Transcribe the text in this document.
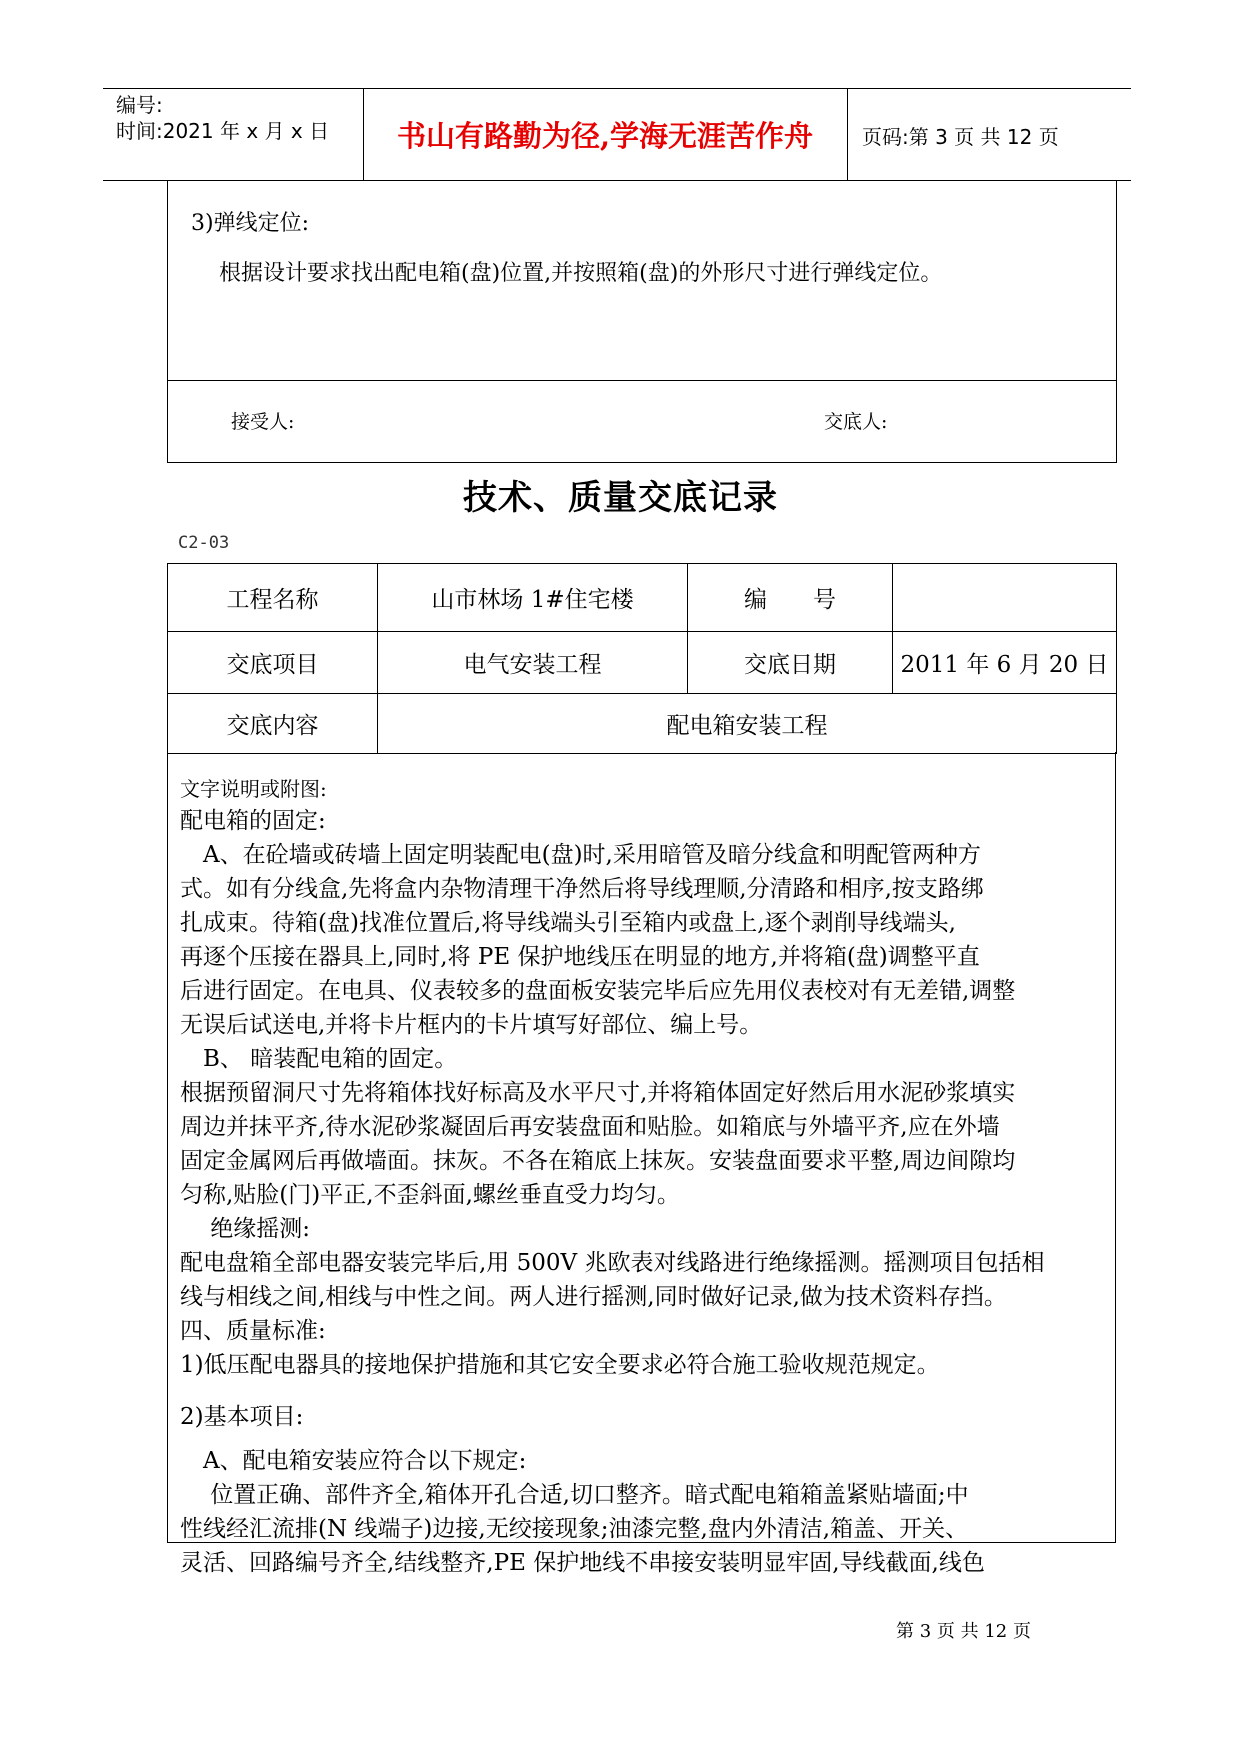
编号:
时间:2021 年 x 月 x 日	书山有路勤为径,学海无涯苦作舟	页码:第 3 页 共 12 页
3)弹线定位:
根据设计要求找出配电箱(盘)位置,并按照箱(盘)的外形尺寸进行弹线定位。
接受人:	交底人:
技术、质量交底记录
C2-03
工程名称	山市林场 1#住宅楼	编　　号	
交底项目	电气安装工程	交底日期	2011 年 6 月 20 日
交底内容	配电箱安装工程		
文字说明或附图:
配电箱的固定:
　A、在砼墙或砖墙上固定明装配电(盘)时,采用暗管及暗分线盒和明配管两种方
式。如有分线盒,先将盒内杂物清理干净然后将导线理顺,分清路和相序,按支路绑
扎成束。待箱(盘)找准位置后,将导线端头引至箱内或盘上,逐个剥削导线端头,
再逐个压接在器具上,同时,将 PE 保护地线压在明显的地方,并将箱(盘)调整平直
后进行固定。在电具、仪表较多的盘面板安装完毕后应先用仪表校对有无差错,调整
无误后试送电,并将卡片框内的卡片填写好部位、编上号。
　B、 暗装配电箱的固定。
根据预留洞尺寸先将箱体找好标高及水平尺寸,并将箱体固定好然后用水泥砂浆填实
周边并抹平齐,待水泥砂浆凝固后再安装盘面和贴脸。如箱底与外墙平齐,应在外墙
固定金属网后再做墙面。抹灰。不各在箱底上抹灰。安装盘面要求平整,周边间隙均
匀称,贴脸(门)平正,不歪斜面,螺丝垂直受力均匀。
　 绝缘摇测:
配电盘箱全部电器安装完毕后,用 500V 兆欧表对线路进行绝缘摇测。摇测项目包括相
线与相线之间,相线与中性之间。两人进行摇测,同时做好记录,做为技术资料存挡。
四、质量标准:
1)低压配电器具的接地保护措施和其它安全要求必符合施工验收规范规定。
2)基本项目:
　A、配电箱安装应符合以下规定:
　 位置正确、部件齐全,箱体开孔合适,切口整齐。暗式配电箱箱盖紧贴墙面;中
性线经汇流排(N 线端子)边接,无绞接现象;油漆完整,盘内外清洁,箱盖、开关、
灵活、回路编号齐全,结线整齐,PE 保护地线不串接安装明显牢固,导线截面,线色
第 3 页 共 12 页
